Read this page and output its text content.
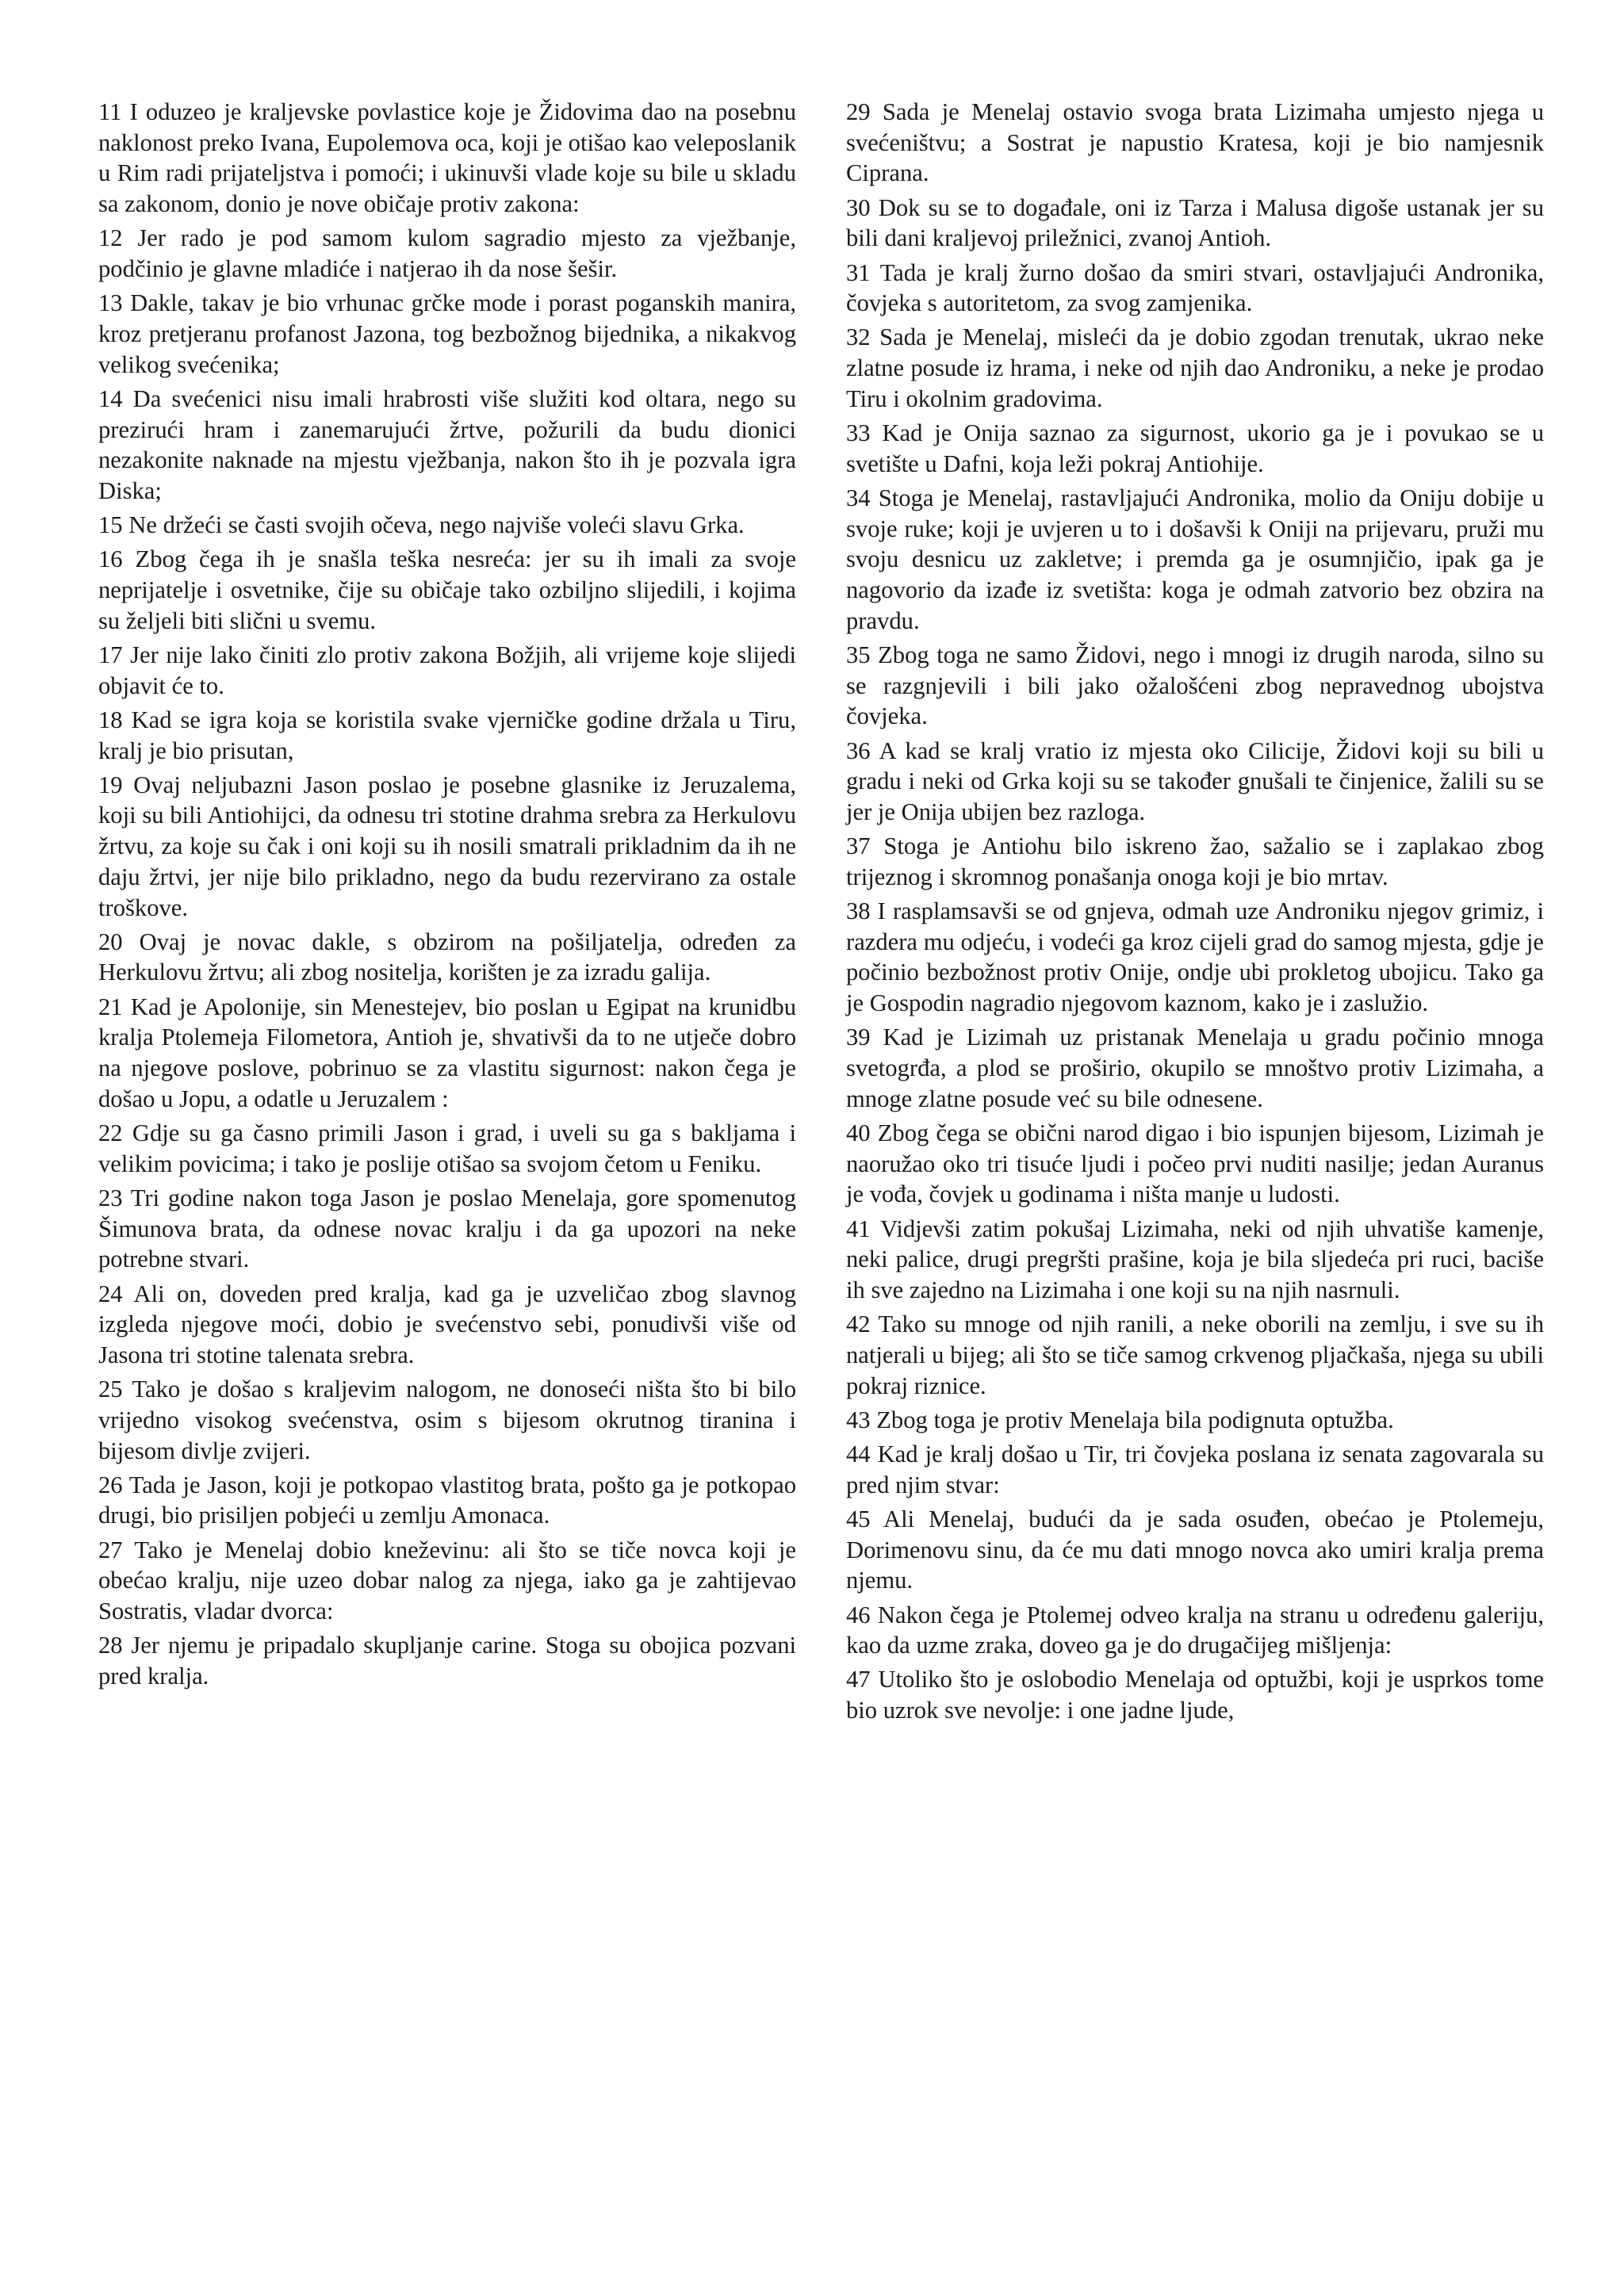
11 I oduzeo je kraljevske povlastice koje je Židovima dao na posebnu naklonost preko Ivana, Eupolemova oca, koji je otišao kao veleposlanik u Rim radi prijateljstva i pomoći; i ukinuvši vlade koje su bile u skladu sa zakonom, donio je nove običaje protiv zakona:

12 Jer rado je pod samom kulom sagradio mjesto za vježbanje, podčinio je glavne mladiće i natjerao ih da nose šešir.

13 Dakle, takav je bio vrhunac grčke mode i porast poganskih manira, kroz pretjeranu profanost Jazona, tog bezbožnog bijednika, a nikakvog velikog svećenika;

14 Da svećenici nisu imali hrabrosti više služiti kod oltara, nego su prezirući hram i zanemarujući žrtve, požurili da budu dionici nezakonite naknade na mjestu vježbanja, nakon što ih je pozvala igra Diska;

15 Ne držeći se časti svojih očeva, nego najviše voleći slavu Grka.

16 Zbog čega ih je snašla teška nesreća: jer su ih imali za svoje neprijatelje i osvetnike, čije su običaje tako ozbiljno slijedili, i kojima su željeli biti slični u svemu.

17 Jer nije lako činiti zlo protiv zakona Božjih, ali vrijeme koje slijedi objavit će to.

18 Kad se igra koja se koristila svake vjerničke godine držala u Tiru, kralj je bio prisutan,

19 Ovaj neljubazni Jason poslao je posebne glasnike iz Jeruzalema, koji su bili Antiohijci, da odnesu tri stotine drahma srebra za Herkulovu žrtvu, za koje su čak i oni koji su ih nosili smatrali prikladnim da ih ne daju žrtvi, jer nije bilo prikladno, nego da budu rezervirano za ostale troškove.

20 Ovaj je novac dakle, s obzirom na pošiljatelja, određen za Herkulovu žrtvu; ali zbog nositelja, korišten je za izradu galija.

21 Kad je Apolonije, sin Menestejev, bio poslan u Egipat na krunidbu kralja Ptolemeja Filometora, Antioh je, shvativši da to ne utječe dobro na njegove poslove, pobrinuo se za vlastitu sigurnost: nakon čega je došao u Jopu, a odatle u Jeruzalem :

22 Gdje su ga časno primili Jason i grad, i uveli su ga s bakljama i velikim povicima; i tako je poslije otišao sa svojom četom u Feniku.

23 Tri godine nakon toga Jason je poslao Menelaja, gore spomenutog Šimunova brata, da odnese novac kralju i da ga upozori na neke potrebne stvari.

24 Ali on, doveden pred kralja, kad ga je uzveličao zbog slavnog izgleda njegove moći, dobio je svećenstvo sebi, ponudivši više od Jasona tri stotine talenata srebra.

25 Tako je došao s kraljevim nalogom, ne donoseći ništa što bi bilo vrijedno visokog svećenstva, osim s bijesom okrutnog tiranina i bijesom divlje zvijeri.

26 Tada je Jason, koji je potkopao vlastitog brata, pošto ga je potkopao drugi, bio prisiljen pobjeći u zemlju Amonaca.

27 Tako je Menelaj dobio kneževinu: ali što se tiče novca koji je obećao kralju, nije uzeo dobar nalog za njega, iako ga je zahtijevao Sostratis, vladar dvorca:

28 Jer njemu je pripadalo skupljanje carine. Stoga su obojica pozvani pred kralja.

29 Sada je Menelaj ostavio svoga brata Lizimaha umjesto njega u svećeništvu; a Sostrat je napustio Kratesa, koji je bio namjesnik Ciprana.

30 Dok su se to događale, oni iz Tarza i Malusa digoše ustanak jer su bili dani kraljevoj priležnici, zvanoj Antioh.

31 Tada je kralj žurno došao da smiri stvari, ostavljajući Andronika, čovjeka s autoritetom, za svog zamjenika.

32 Sada je Menelaj, misleći da je dobio zgodan trenutak, ukrao neke zlatne posude iz hrama, i neke od njih dao Androniku, a neke je prodao Tiru i okolnim gradovima.

33 Kad je Onija saznao za sigurnost, ukorio ga je i povukao se u svetište u Dafni, koja leži pokraj Antiohije.

34 Stoga je Menelaj, rastavljajući Andronika, molio da Oniju dobije u svoje ruke; koji je uvjeren u to i došavši k Oniji na prijevaru, pruži mu svoju desnicu uz zakletve; i premda ga je osumnjičio, ipak ga je nagovorio da izađe iz svetišta: koga je odmah zatvorio bez obzira na pravdu.

35 Zbog toga ne samo Židovi, nego i mnogi iz drugih naroda, silno su se razgnjevili i bili jako ožalošćeni zbog nepravednog ubojstva čovjeka.

36 A kad se kralj vratio iz mjesta oko Cilicije, Židovi koji su bili u gradu i neki od Grka koji su se također gnušali te činjenice, žalili su se jer je Onija ubijen bez razloga.

37 Stoga je Antiohu bilo iskreno žao, sažalio se i zaplakao zbog trijeznog i skromnog ponašanja onoga koji je bio mrtav.

38 I rasplamsavši se od gnjeva, odmah uze Androniku njegov grimiz, i razdera mu odjeću, i vodeći ga kroz cijeli grad do samog mjesta, gdje je počinio bezbožnost protiv Onije, ondje ubi prokletog ubojicu. Tako ga je Gospodin nagradio njegovom kaznom, kako je i zaslužio.

39 Kad je Lizimah uz pristanak Menelaja u gradu počinio mnoga svetogrđa, a plod se proširio, okupilo se mnoštvo protiv Lizimaha, a mnoge zlatne posude već su bile odnesene.

40 Zbog čega se obični narod digao i bio ispunjen bijesom, Lizimah je naoružao oko tri tisuće ljudi i počeo prvi nuditi nasilje; jedan Auranus je vođa, čovjek u godinama i ništa manje u ludosti.

41 Vidjevši zatim pokušaj Lizimaha, neki od njih uhvatiše kamenje, neki palice, drugi pregršti prašine, koja je bila sljedeća pri ruci, baciše ih sve zajedno na Lizimaha i one koji su na njih nasrnuli.

42 Tako su mnoge od njih ranili, a neke oborili na zemlju, i sve su ih natjerali u bijeg; ali što se tiče samog crkvenog pljačkaša, njega su ubili pokraj riznice.

43 Zbog toga je protiv Menelaja bila podignuta optužba.

44 Kad je kralj došao u Tir, tri čovjeka poslana iz senata zagovarala su pred njim stvar:

45 Ali Menelaj, budući da je sada osuđen, obećao je Ptolemeju, Dorimenovu sinu, da će mu dati mnogo novca ako umiri kralja prema njemu.

46 Nakon čega je Ptolemej odveo kralja na stranu u određenu galeriju, kao da uzme zraka, doveo ga je do drugačijeg mišljenja:

47 Utoliko što je oslobodio Menelaja od optužbi, koji je usprkos tome bio uzrok sve nevolje: i one jadne ljude,
